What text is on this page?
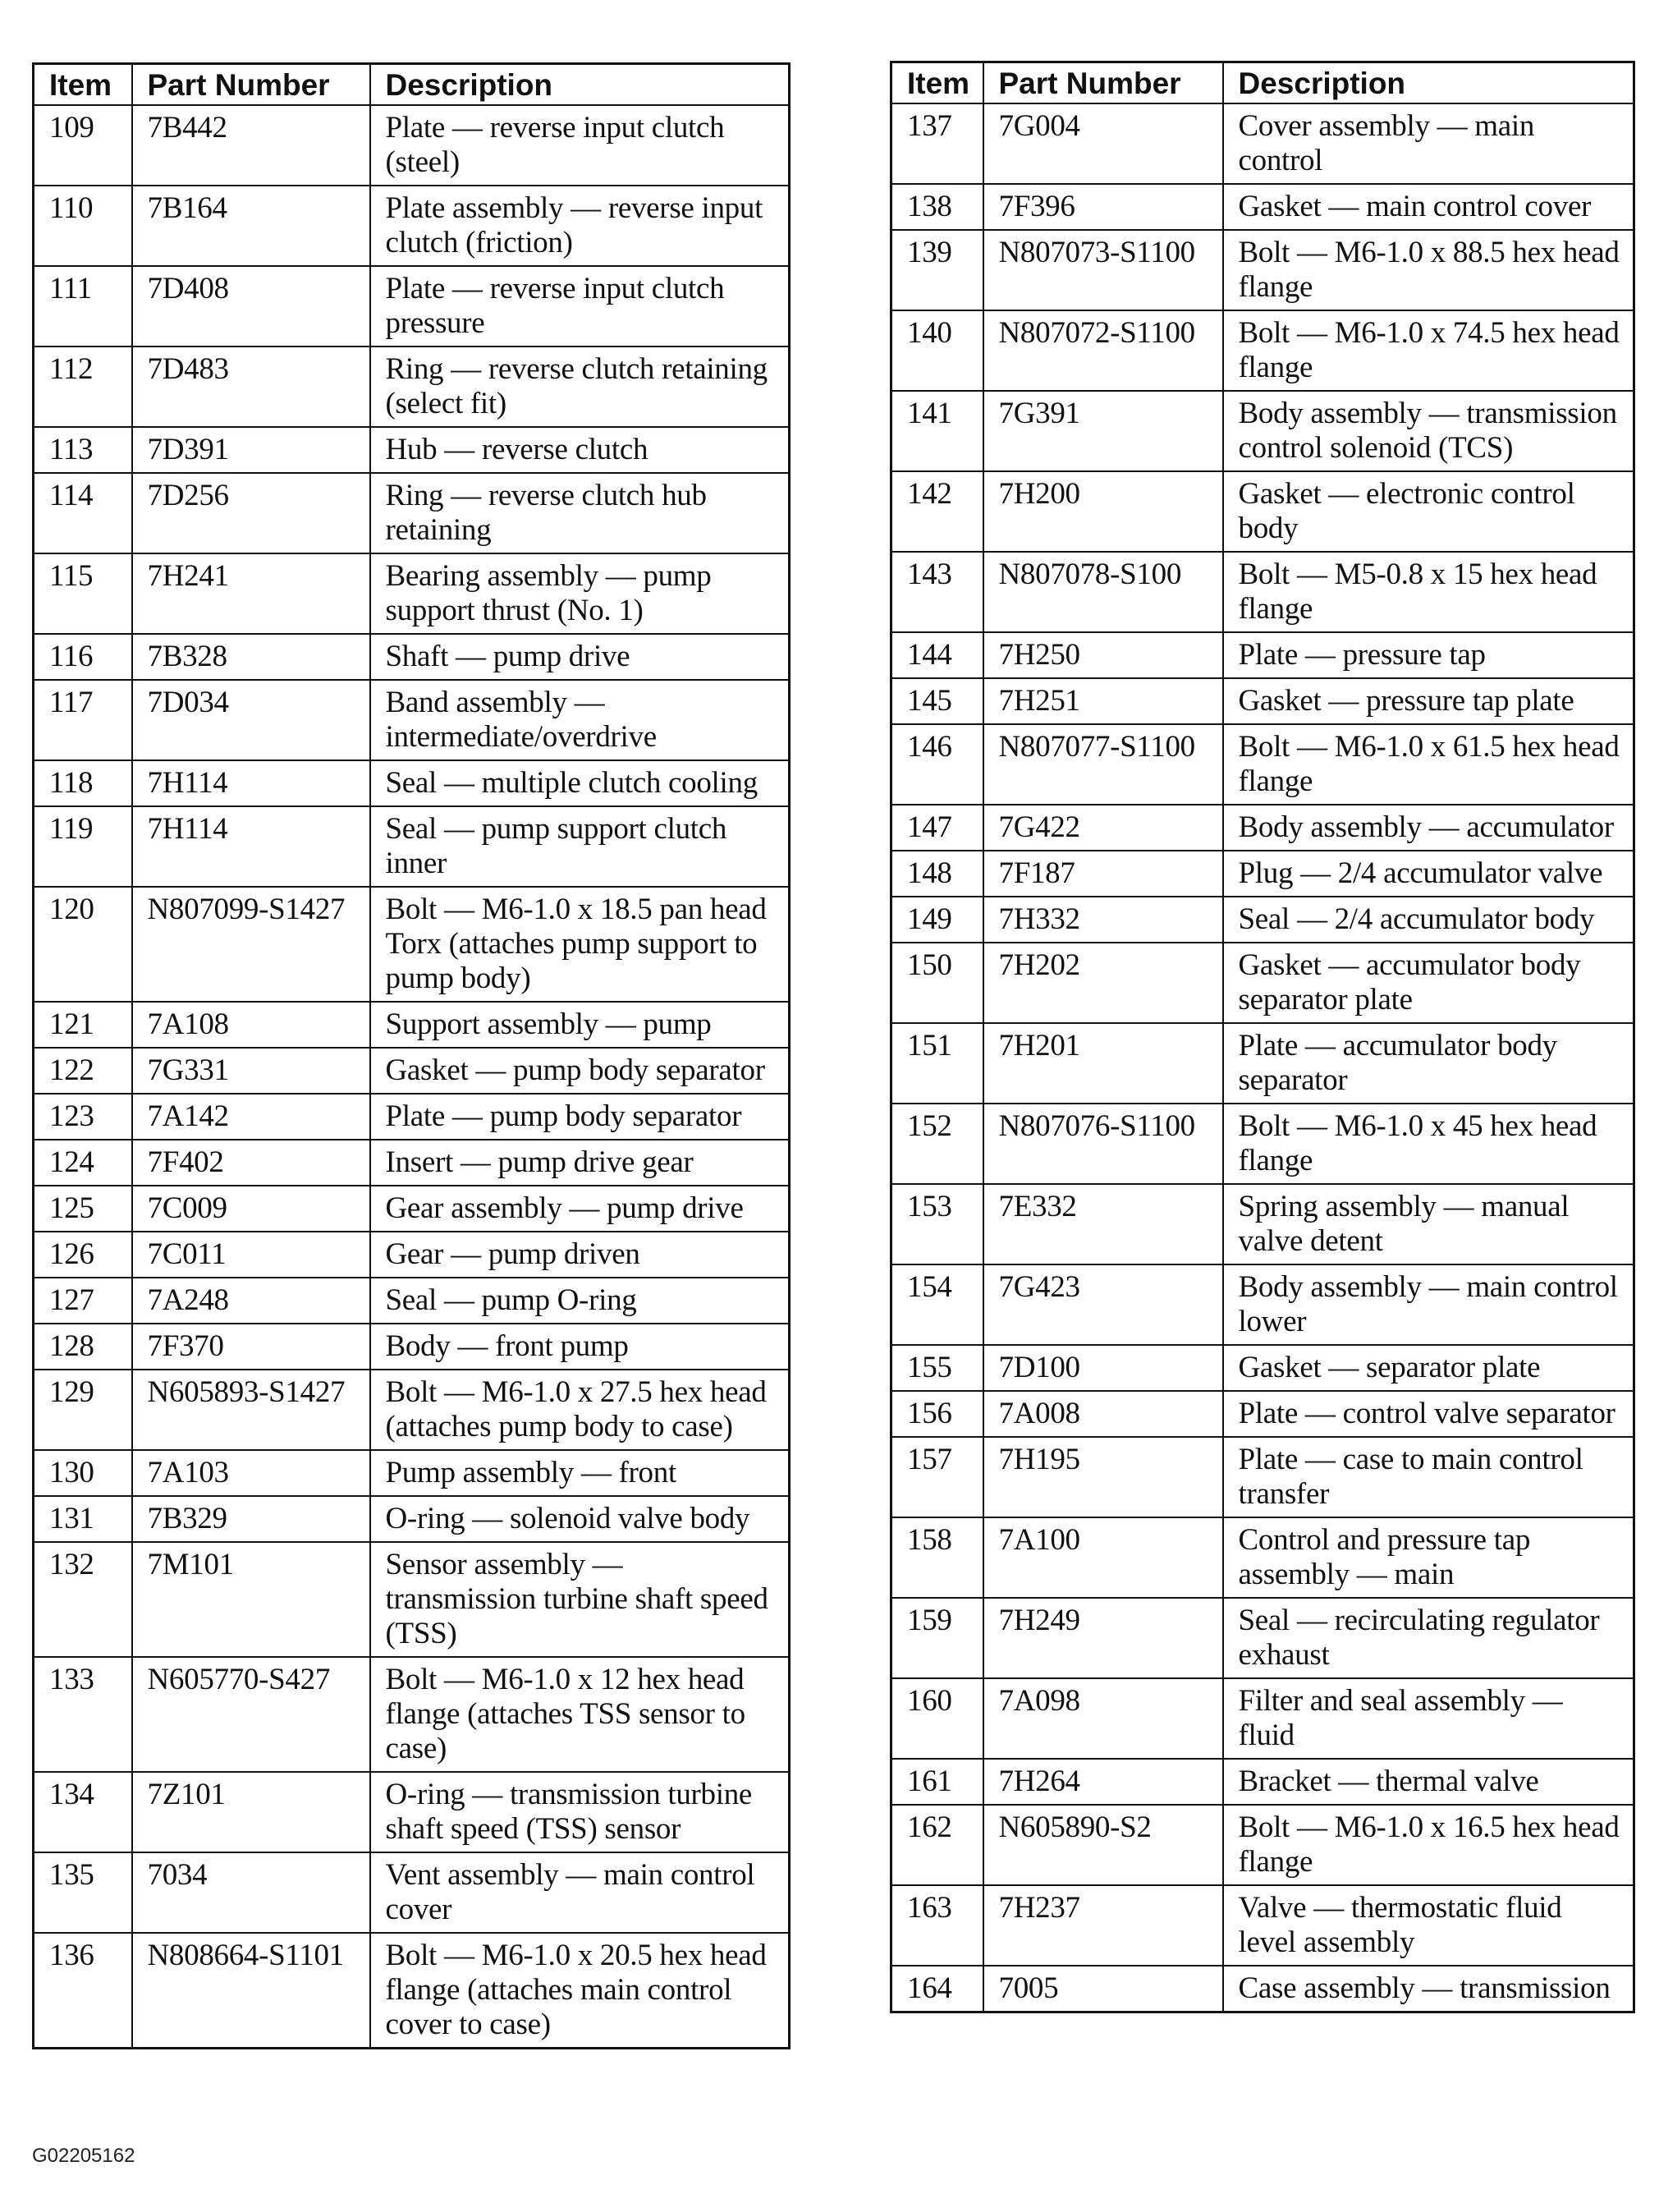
Item	Part Number	Description
109	7B442	Plate — reverse input clutch (steel)
110	7B164	Plate assembly — reverse input clutch (friction)
111	7D408	Plate — reverse input clutch pressure
112	7D483	Ring — reverse clutch retaining (select fit)
113	7D391	Hub — reverse clutch
114	7D256	Ring — reverse clutch hub retaining
115	7H241	Bearing assembly — pump support thrust (No. 1)
116	7B328	Shaft — pump drive
117	7D034	Band assembly — intermediate/overdrive
118	7H114	Seal — multiple clutch cooling
119	7H114	Seal — pump support clutch inner
120	N807099-S1427	Bolt — M6-1.0 x 18.5 pan head Torx (attaches pump support to pump body)
121	7A108	Support assembly — pump
122	7G331	Gasket — pump body separator
123	7A142	Plate — pump body separator
124	7F402	Insert — pump drive gear
125	7C009	Gear assembly — pump drive
126	7C011	Gear — pump driven
127	7A248	Seal — pump O-ring
128	7F370	Body — front pump
129	N605893-S1427	Bolt — M6-1.0 x 27.5 hex head (attaches pump body to case)
130	7A103	Pump assembly — front
131	7B329	O-ring — solenoid valve body
132	7M101	Sensor assembly — transmission turbine shaft speed (TSS)
133	N605770-S427	Bolt — M6-1.0 x 12 hex head flange (attaches TSS sensor to case)
134	7Z101	O-ring — transmission turbine shaft speed (TSS) sensor
135	7034	Vent assembly — main control cover
136	N808664-S1101	Bolt — M6-1.0 x 20.5 hex head flange (attaches main control cover to case)
Item	Part Number	Description
137	7G004	Cover assembly — main control
138	7F396	Gasket — main control cover
139	N807073-S1100	Bolt — M6-1.0 x 88.5 hex head flange
140	N807072-S1100	Bolt — M6-1.0 x 74.5 hex head flange
141	7G391	Body assembly — transmission control solenoid (TCS)
142	7H200	Gasket — electronic control body
143	N807078-S100	Bolt — M5-0.8 x 15 hex head flange
144	7H250	Plate — pressure tap
145	7H251	Gasket — pressure tap plate
146	N807077-S1100	Bolt — M6-1.0 x 61.5 hex head flange
147	7G422	Body assembly — accumulator
148	7F187	Plug — 2/4 accumulator valve
149	7H332	Seal — 2/4 accumulator body
150	7H202	Gasket — accumulator body separator plate
151	7H201	Plate — accumulator body separator
152	N807076-S1100	Bolt — M6-1.0 x 45 hex head flange
153	7E332	Spring assembly — manual valve detent
154	7G423	Body assembly — main control lower
155	7D100	Gasket — separator plate
156	7A008	Plate — control valve separator
157	7H195	Plate — case to main control transfer
158	7A100	Control and pressure tap assembly — main
159	7H249	Seal — recirculating regulator exhaust
160	7A098	Filter and seal assembly — fluid
161	7H264	Bracket — thermal valve
162	N605890-S2	Bolt — M6-1.0 x 16.5 hex head flange
163	7H237	Valve — thermostatic fluid level assembly
164	7005	Case assembly — transmission
G02205162
